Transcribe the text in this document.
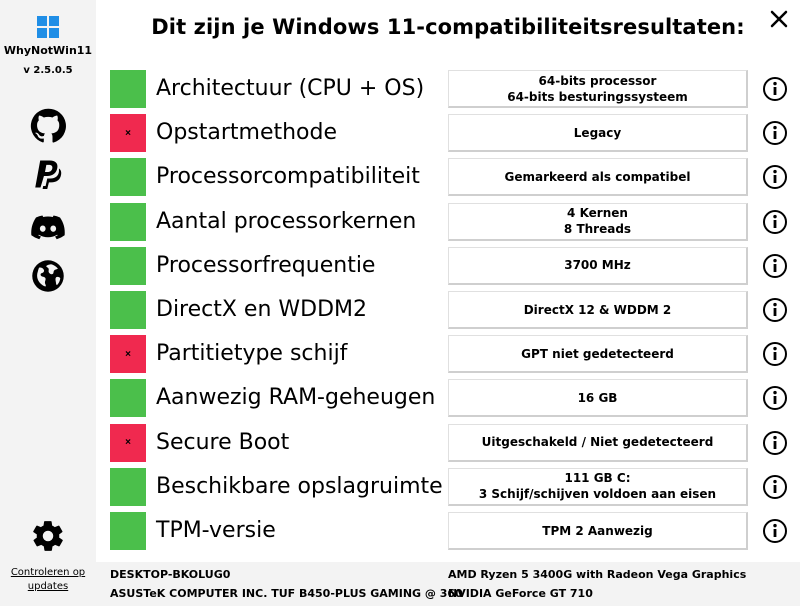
WhyNotWin11
v 2.5.0.5
Controleren op updates
Dit zijn je Windows 11-compatibiliteitsresultaten:
Architectuur (CPU + OS)	64-bits processor
64-bits besturingssysteem
×	Opstartmethode	Legacy
Processorcompatibiliteit	Gemarkeerd als compatibel
Aantal processorkernen	4 Kernen
8 Threads
Processorfrequentie	3700 MHz
DirectX en WDDM2	DirectX 12 & WDDM 2
×	Partitietype schijf	GPT niet gedetecteerd
Aanwezig RAM-geheugen	16 GB
×	Secure Boot	Uitgeschakeld / Niet gedetecteerd
Beschikbare opslagruimte	111 GB C:
3 Schijf/schijven voldoen aan eisen
TPM-versie	TPM 2 Aanwezig
DESKTOP-BKOLUG0
ASUSTeK COMPUTER INC. TUF B450-PLUS GAMING @ 360
AMD Ryzen 5 3400G with Radeon Vega Graphics
NVIDIA GeForce GT 710
